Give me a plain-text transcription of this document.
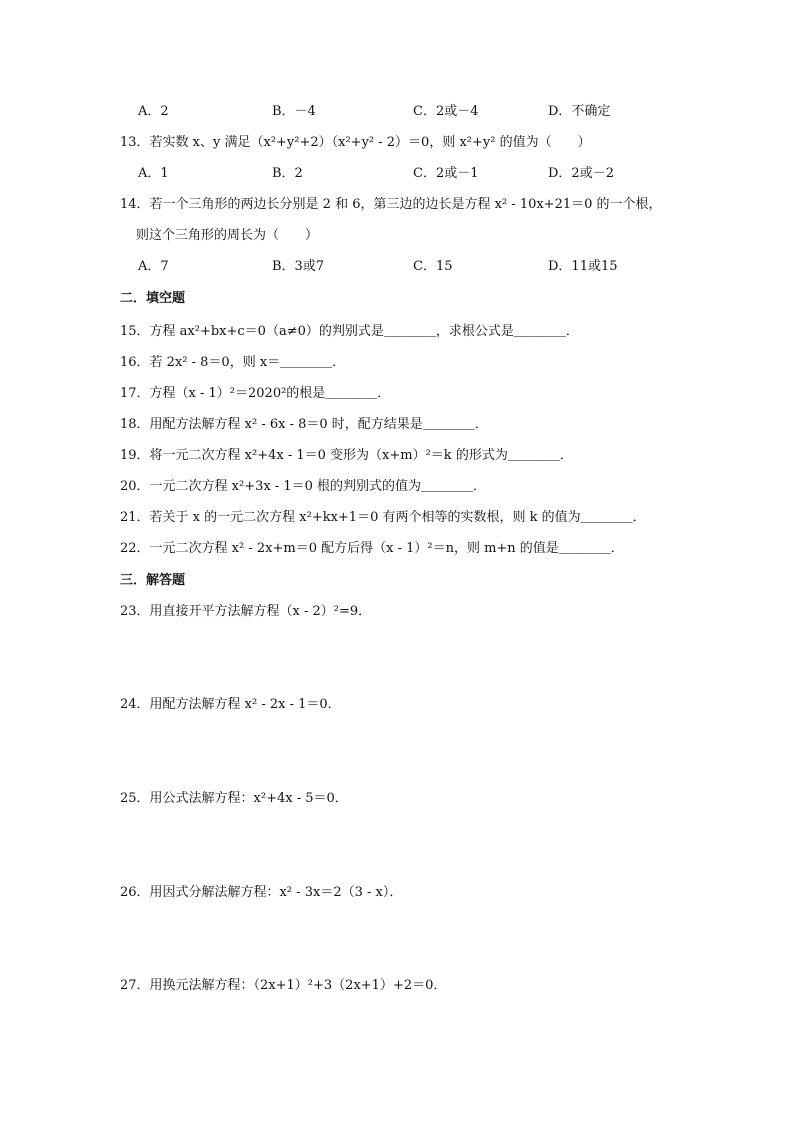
A．2	B．－4	C．2或－4	D．不确定
13．若实数 x、y 满足（x²+y²+2）（x²+y² - 2）＝0，则 x²+y² 的值为（　　）
A．1	B．2	C．2或－1	D．2或－2
14．若一个三角形的两边长分别是 2 和 6，第三边的边长是方程 x² - 10x+21＝0 的一个根，
则这个三角形的周长为（　　）
A．7	B．3或7	C．15	D．11或15
二．填空题
15．方程 ax²+bx+c＝0（a≠0）的判别式是＿＿＿＿，求根公式是＿＿＿＿．
16．若 2x² - 8＝0，则 x＝＿＿＿＿．
17．方程（x - 1）²＝2020²的根是＿＿＿＿．
18．用配方法解方程 x² - 6x - 8＝0 时，配方结果是＿＿＿＿．
19．将一元二次方程 x²+4x - 1＝0 变形为（x+m）²＝k 的形式为＿＿＿＿．
20．一元二次方程 x²+3x - 1＝0 根的判别式的值为＿＿＿＿．
21．若关于 x 的一元二次方程 x²+kx+1＝0 有两个相等的实数根，则 k 的值为＿＿＿＿．
22．一元二次方程 x² - 2x+m＝0 配方后得（x - 1）²＝n，则 m+n 的值是＿＿＿＿．
三．解答题
23．用直接开平方法解方程（x - 2）²=9．
24．用配方法解方程 x² - 2x - 1＝0．
25．用公式法解方程：x²+4x - 5＝0．
26．用因式分解法解方程：x² - 3x＝2（3 - x）．
27．用换元法解方程：（2x+1）²+3（2x+1）+2＝0．
